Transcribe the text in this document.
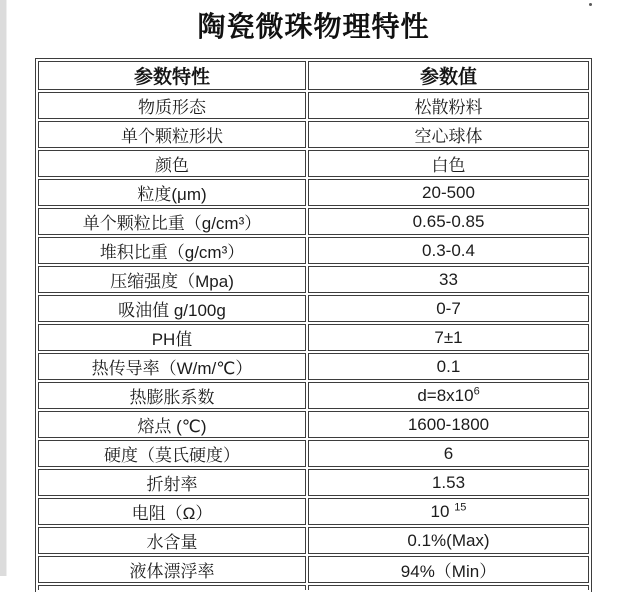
陶瓷微珠物理特性
参数特性	参数值
物质形态	松散粉料
单个颗粒形状	空心球体
颜色	白色
粒度(μm)	20-500
单个颗粒比重（g/cm³）	0.65-0.85
堆积比重（g/cm³）	0.3-0.4
压缩强度（Mpa)	33
吸油值 g/100g	0-7
PH值	7±1
热传导率（W/m/℃）	0.1
热膨胀系数	$d=8x10^6$
熔点 (℃)	1600-1800
硬度（莫氏硬度）	6
折射率	1.53
电阻（Ω）	10 $^{15}$
水含量	0.1%(Max)
液体漂浮率	94%（Min）
